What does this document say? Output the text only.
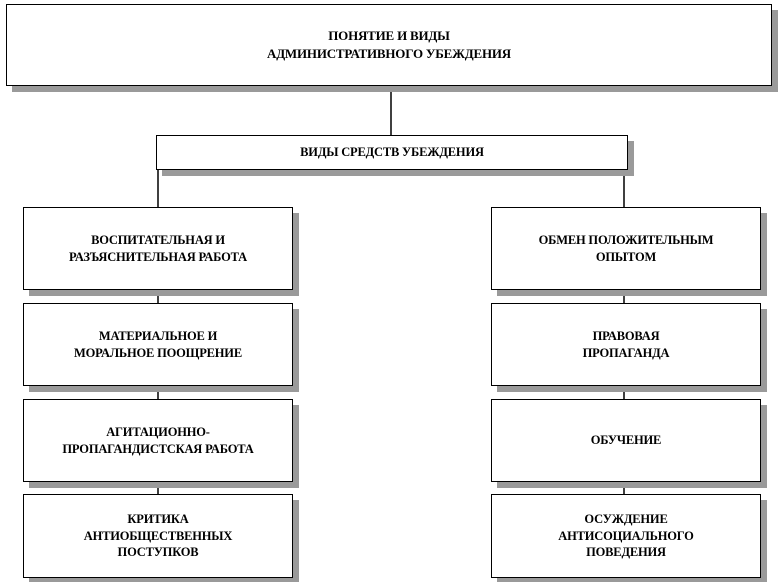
ПОНЯТИЕ И ВИДЫ
АДМИНИСТРАТИВНОГО УБЕЖДЕНИЯ
ВИДЫ СРЕДСТВ УБЕЖДЕНИЯ
ВОСПИТАТЕЛЬНАЯ И
РАЗЪЯСНИТЕЛЬНАЯ РАБОТА
МАТЕРИАЛЬНОЕ И
МОРАЛЬНОЕ ПООЩРЕНИЕ
АГИТАЦИОННО-
ПРОПАГАНДИСТСКАЯ РАБОТА
КРИТИКА
АНТИОБЩЕСТВЕННЫХ
ПОСТУПКОВ
ОБМЕН ПОЛОЖИТЕЛЬНЫМ
ОПЫТОМ
ПРАВОВАЯ
ПРОПАГАНДА
ОБУЧЕНИЕ
ОСУЖДЕНИЕ
АНТИСОЦИАЛЬНОГО
ПОВЕДЕНИЯ
